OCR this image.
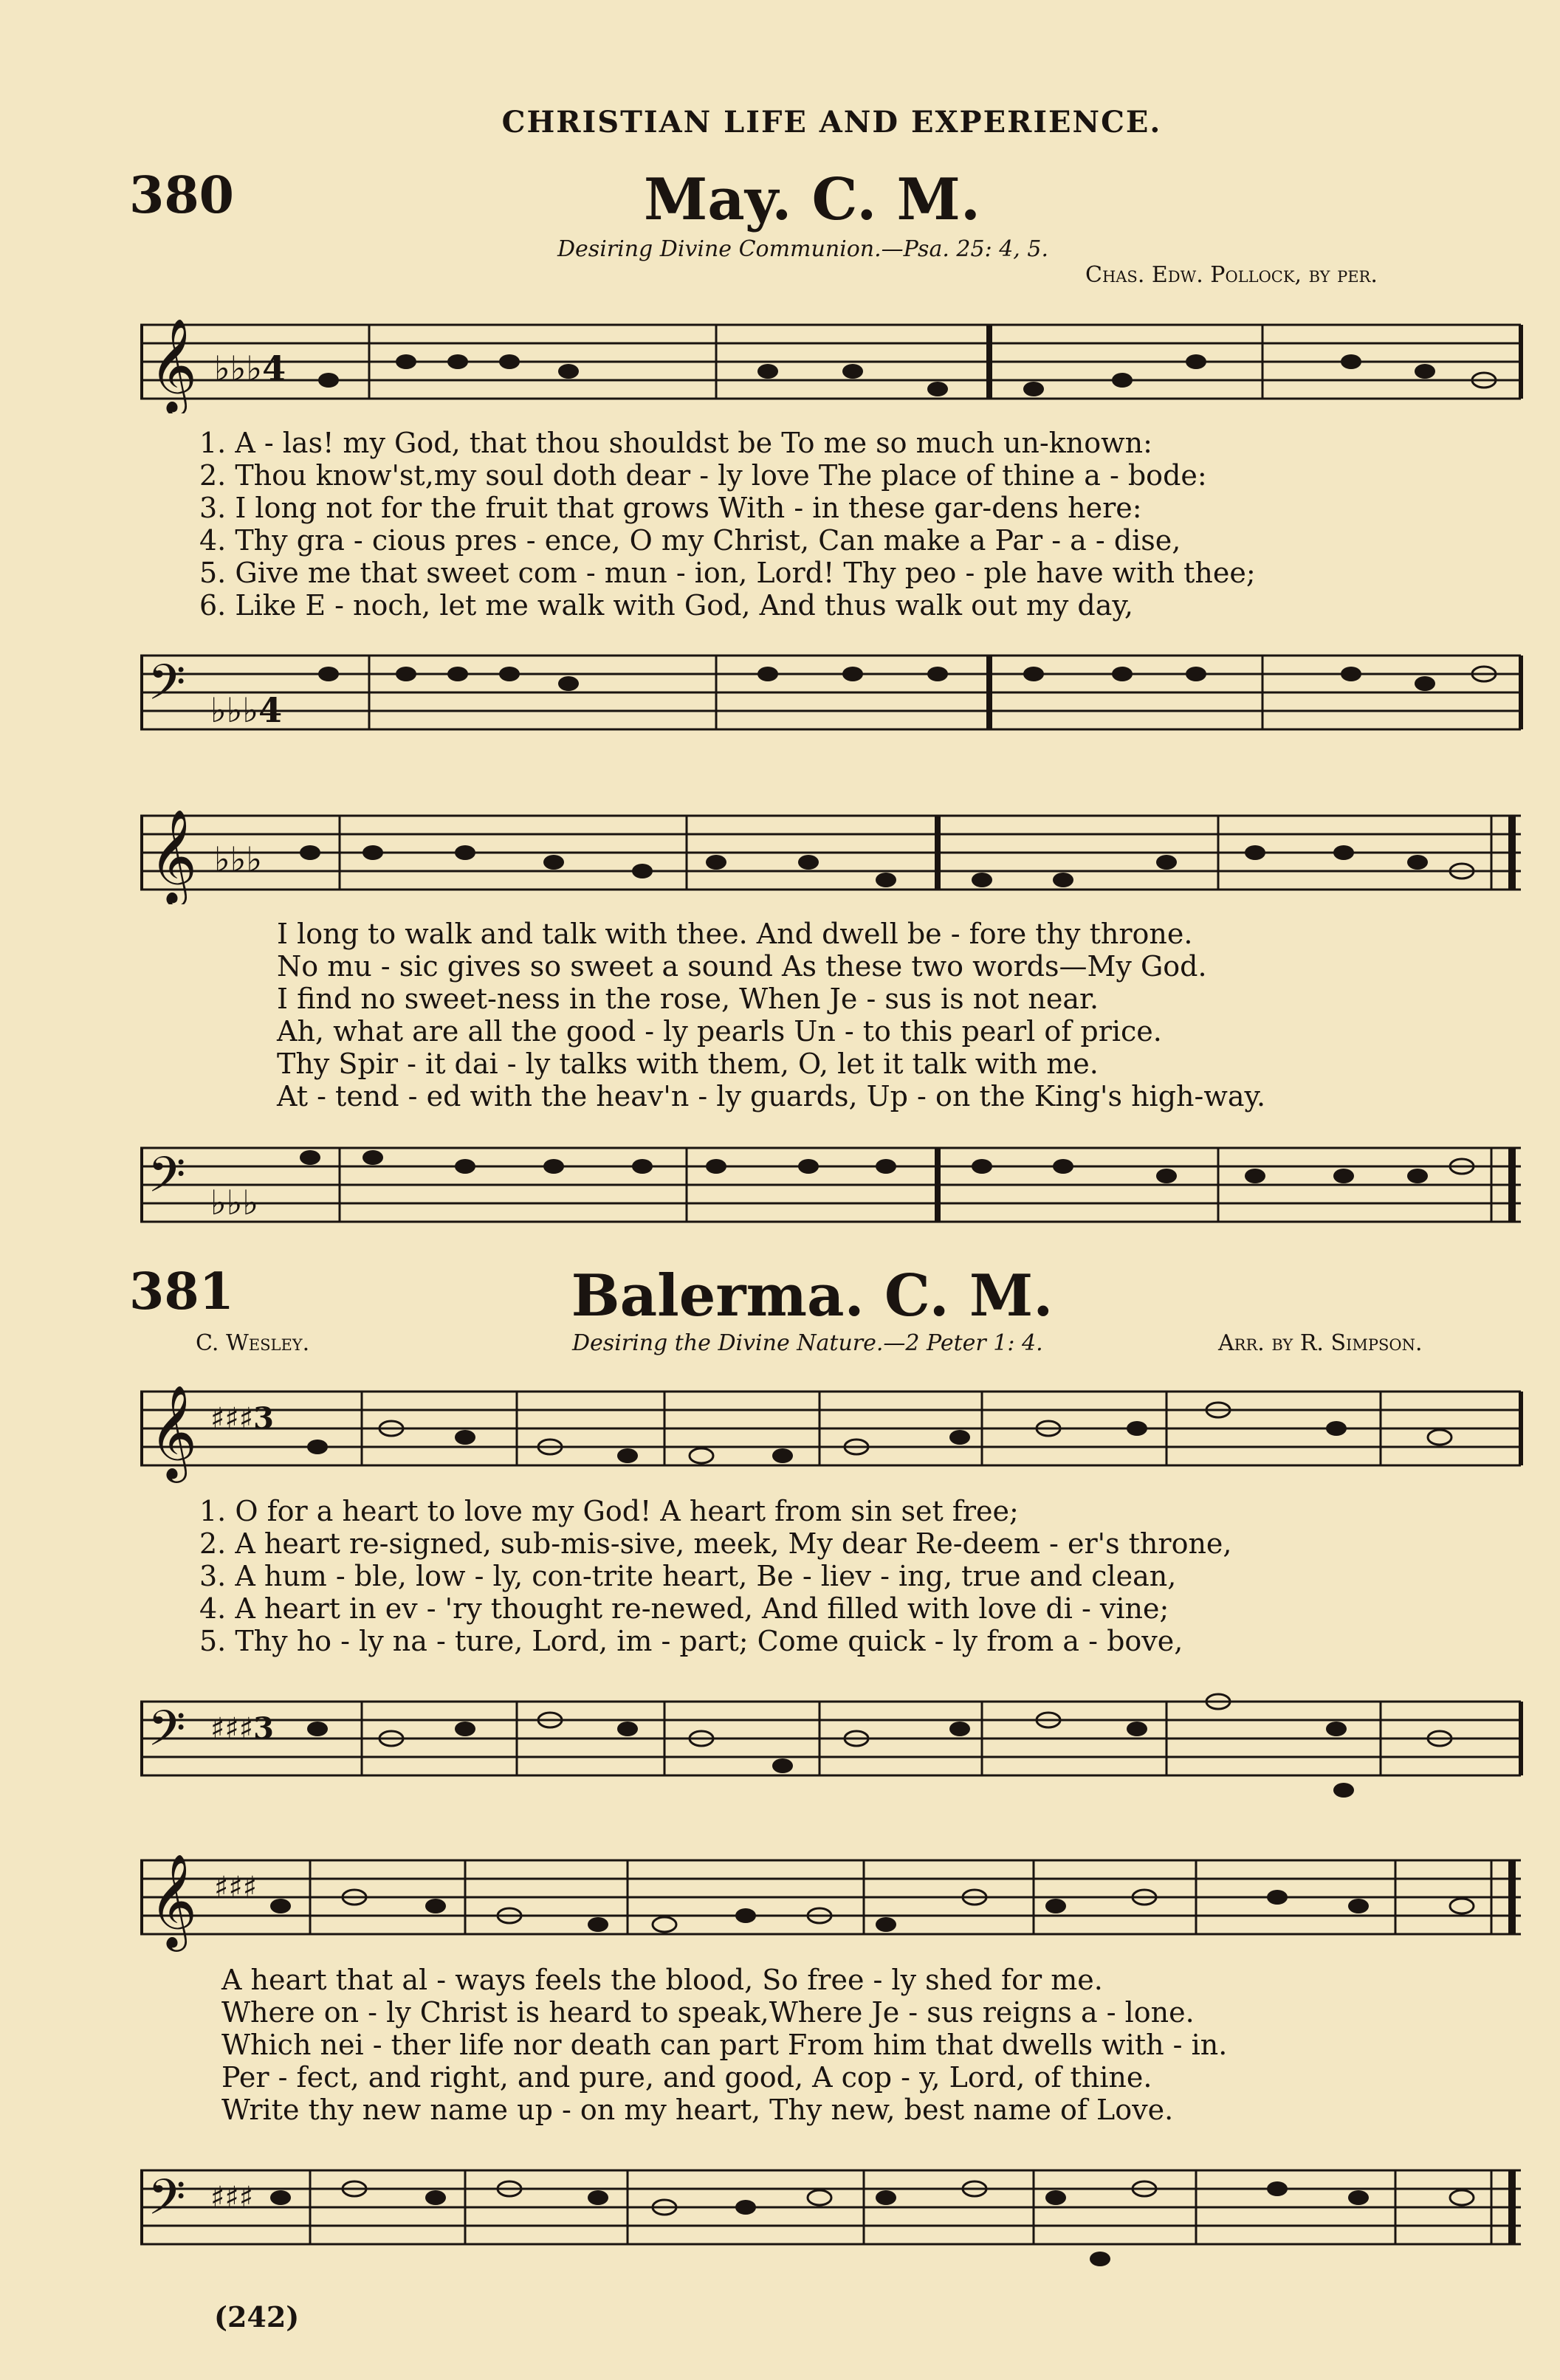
CHRISTIAN LIFE AND EXPERIENCE.
380	May. C. M.
Desiring Divine Communion.—Psa. 25: 4, 5.
Chas. Edw. Pollock, by per.
𝄞 ♭♭♭4
1. A - las! my God, that thou shouldst be To me so much un-known:
2. Thou know'st,my soul doth dear - ly love The place of thine a - bode:
3. I long not for the fruit that grows With - in these gar-dens here:
4. Thy gra - cious pres - ence, O my Christ, Can make a Par - a - dise,
5. Give me that sweet com - mun - ion, Lord! Thy peo - ple have with thee;
6. Like E - noch, let me walk with God, And thus walk out my day,
𝄢 ♭♭♭4
𝄞 ♭♭♭
I long to walk and talk with thee. And dwell be - fore thy throne.
No mu - sic gives so sweet a sound As these two words—My God.
I find no sweet-ness in the rose, When Je - sus is not near.
Ah, what are all the good - ly pearls Un - to this pearl of price.
Thy Spir - it dai - ly talks with them, O, let it talk with me.
At - tend - ed with the heav'n - ly guards, Up - on the King's high-way.
𝄢 ♭♭♭
381	Balerma. C. M.
C. Wesley.	Desiring the Divine Nature.—2 Peter 1: 4.	Arr. by R. Simpson.
𝄞 ♯♯♯3
1. O for a heart to love my God! A heart from sin set free;
2. A heart re-signed, sub-mis-sive, meek, My dear Re-deem - er's throne,
3. A hum - ble, low - ly, con-trite heart, Be - liev - ing, true and clean,
4. A heart in ev - 'ry thought re-newed, And filled with love di - vine;
5. Thy ho - ly na - ture, Lord, im - part; Come quick - ly from a - bove,
𝄢 ♯♯♯3
𝄞 ♯♯♯
A heart that al - ways feels the blood, So free - ly shed for me.
Where on - ly Christ is heard to speak,Where Je - sus reigns a - lone.
Which nei - ther life nor death can part From him that dwells with - in.
Per - fect, and right, and pure, and good, A cop - y, Lord, of thine.
Write thy new name up - on my heart, Thy new, best name of Love.
𝄢 ♯♯♯
(242)
